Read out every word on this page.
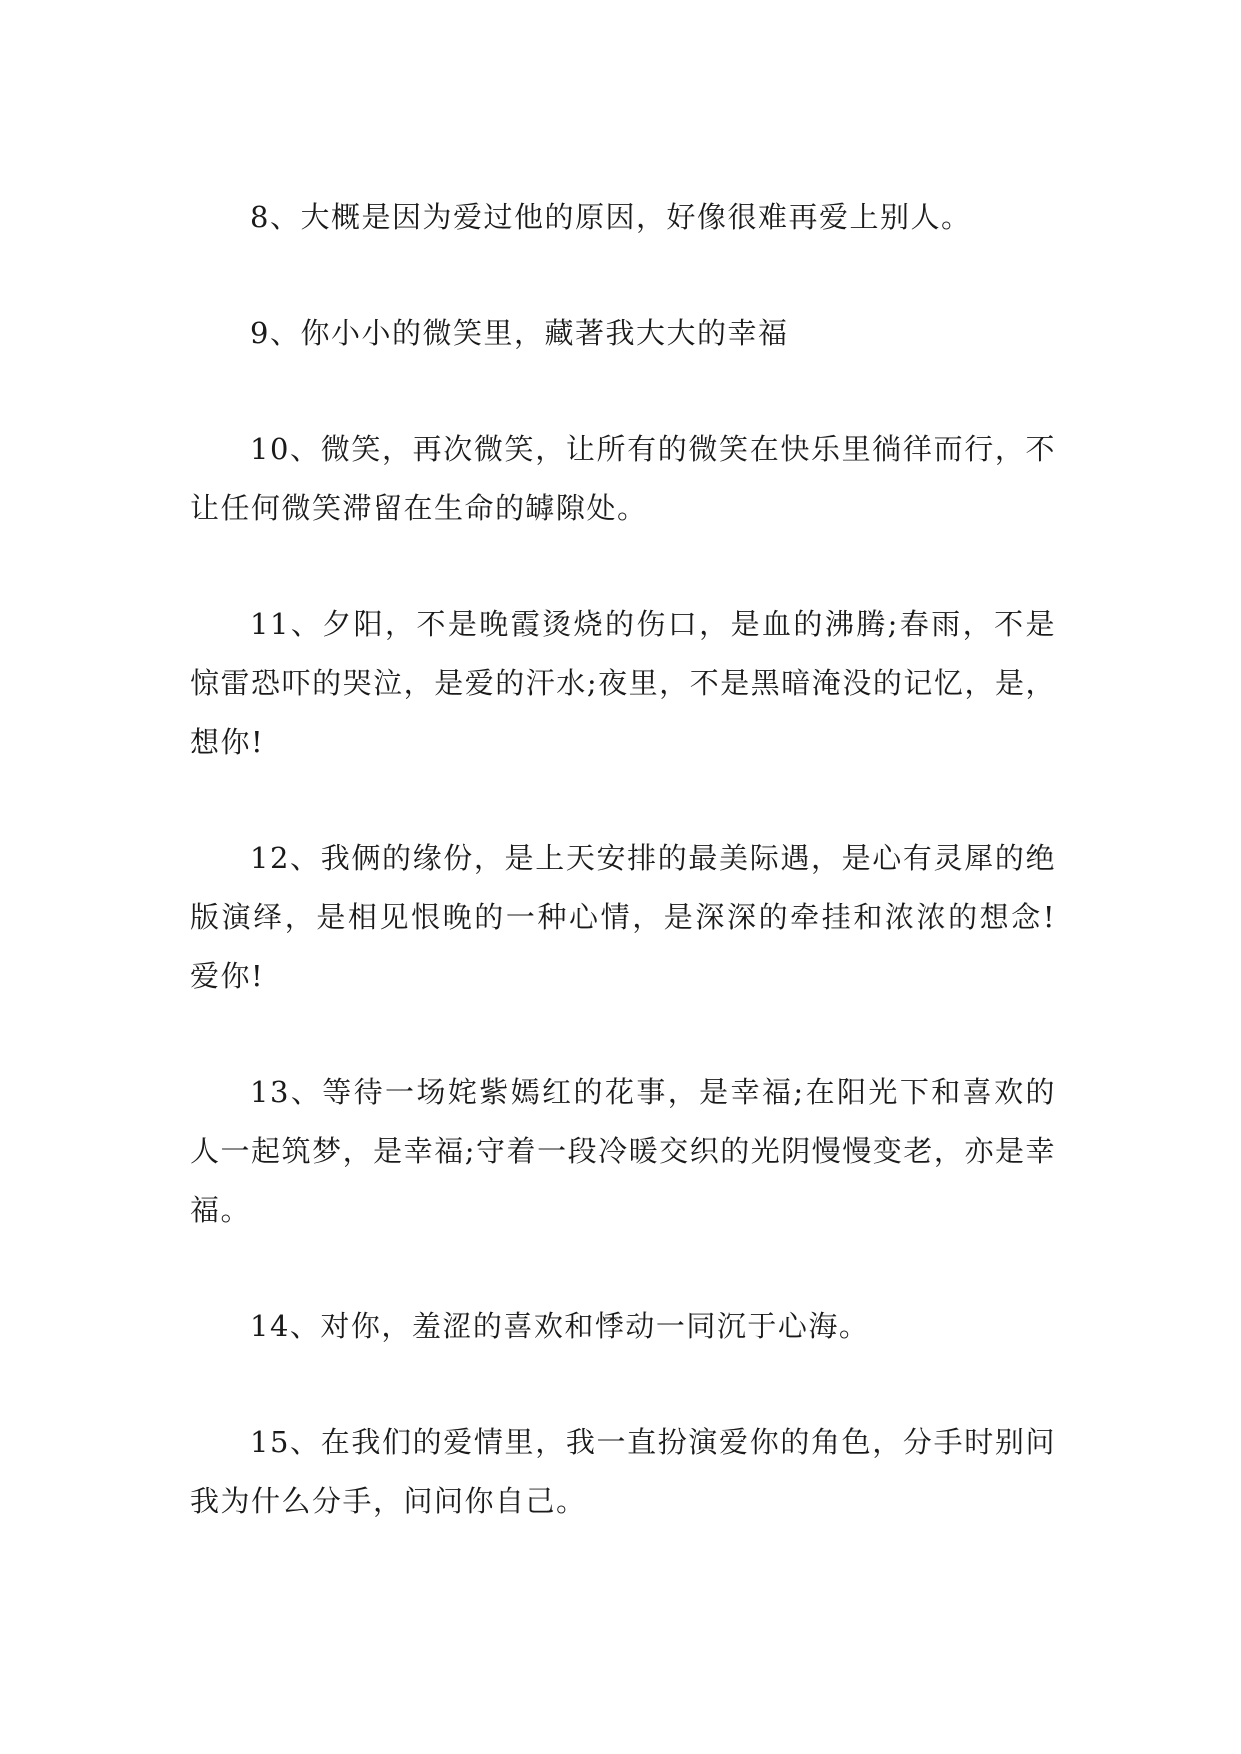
8、大概是因为爱过他的原因，好像很难再爱上别人。

9、你小小的微笑里，藏著我大大的幸福

10、微笑，再次微笑，让所有的微笑在快乐里徜徉而行，不让任何微笑滞留在生命的罅隙处。

11、夕阳，不是晚霞烫烧的伤口，是血的沸腾;春雨，不是惊雷恐吓的哭泣，是爱的汗水;夜里，不是黑暗淹没的记忆，是，想你!

12、我俩的缘份，是上天安排的最美际遇，是心有灵犀的绝版演绎，是相见恨晚的一种心情，是深深的牵挂和浓浓的想念!爱你!

13、等待一场姹紫嫣红的花事，是幸福;在阳光下和喜欢的人一起筑梦，是幸福;守着一段冷暖交织的光阴慢慢变老，亦是幸福。

14、对你，羞涩的喜欢和悸动一同沉于心海。

15、在我们的爱情里，我一直扮演爱你的角色，分手时别问我为什么分手，问问你自己。
